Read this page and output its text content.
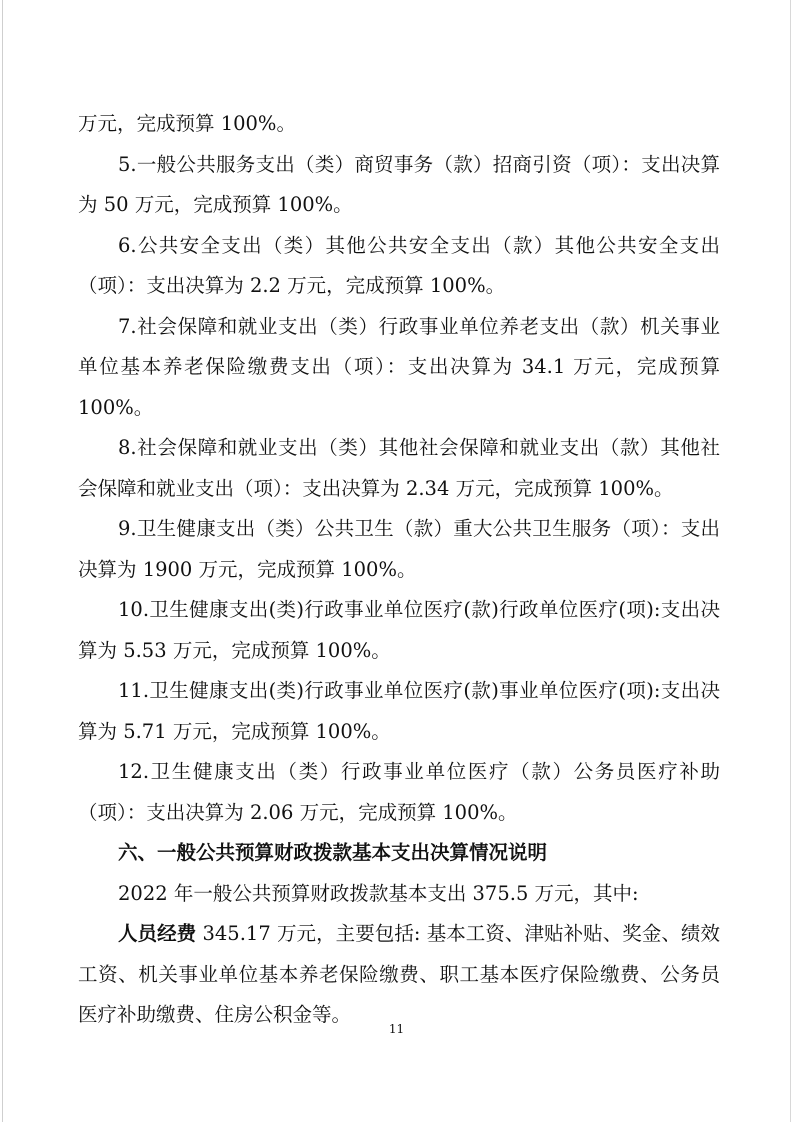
万元，完成预算 100%。

5.一般公共服务支出（类）商贸事务（款）招商引资（项）：支出决算为 50 万元，完成预算 100%。

6.公共安全支出（类）其他公共安全支出（款）其他公共安全支出（项）：支出决算为 2.2 万元，完成预算 100%。

7.社会保障和就业支出（类）行政事业单位养老支出（款）机关事业单位基本养老保险缴费支出（项）：支出决算为 34.1 万元，完成预算 100%。

8.社会保障和就业支出（类）其他社会保障和就业支出（款）其他社会保障和就业支出（项）：支出决算为 2.34 万元，完成预算 100%。

9.卫生健康支出（类）公共卫生（款）重大公共卫生服务（项）：支出决算为 1900 万元，完成预算 100%。

10.卫生健康支出(类)行政事业单位医疗(款)行政单位医疗(项):支出决算为 5.53 万元，完成预算 100%。

11.卫生健康支出(类)行政事业单位医疗(款)事业单位医疗(项):支出决算为 5.71 万元，完成预算 100%。

12.卫生健康支出（类）行政事业单位医疗（款）公务员医疗补助（项）：支出决算为 2.06 万元，完成预算 100%。

六、一般公共预算财政拨款基本支出决算情况说明

2022 年一般公共预算财政拨款基本支出 375.5 万元，其中:

人员经费 345.17 万元，主要包括: 基本工资、津贴补贴、奖金、绩效工资、机关事业单位基本养老保险缴费、职工基本医疗保险缴费、公务员医疗补助缴费、住房公积金等。

11
